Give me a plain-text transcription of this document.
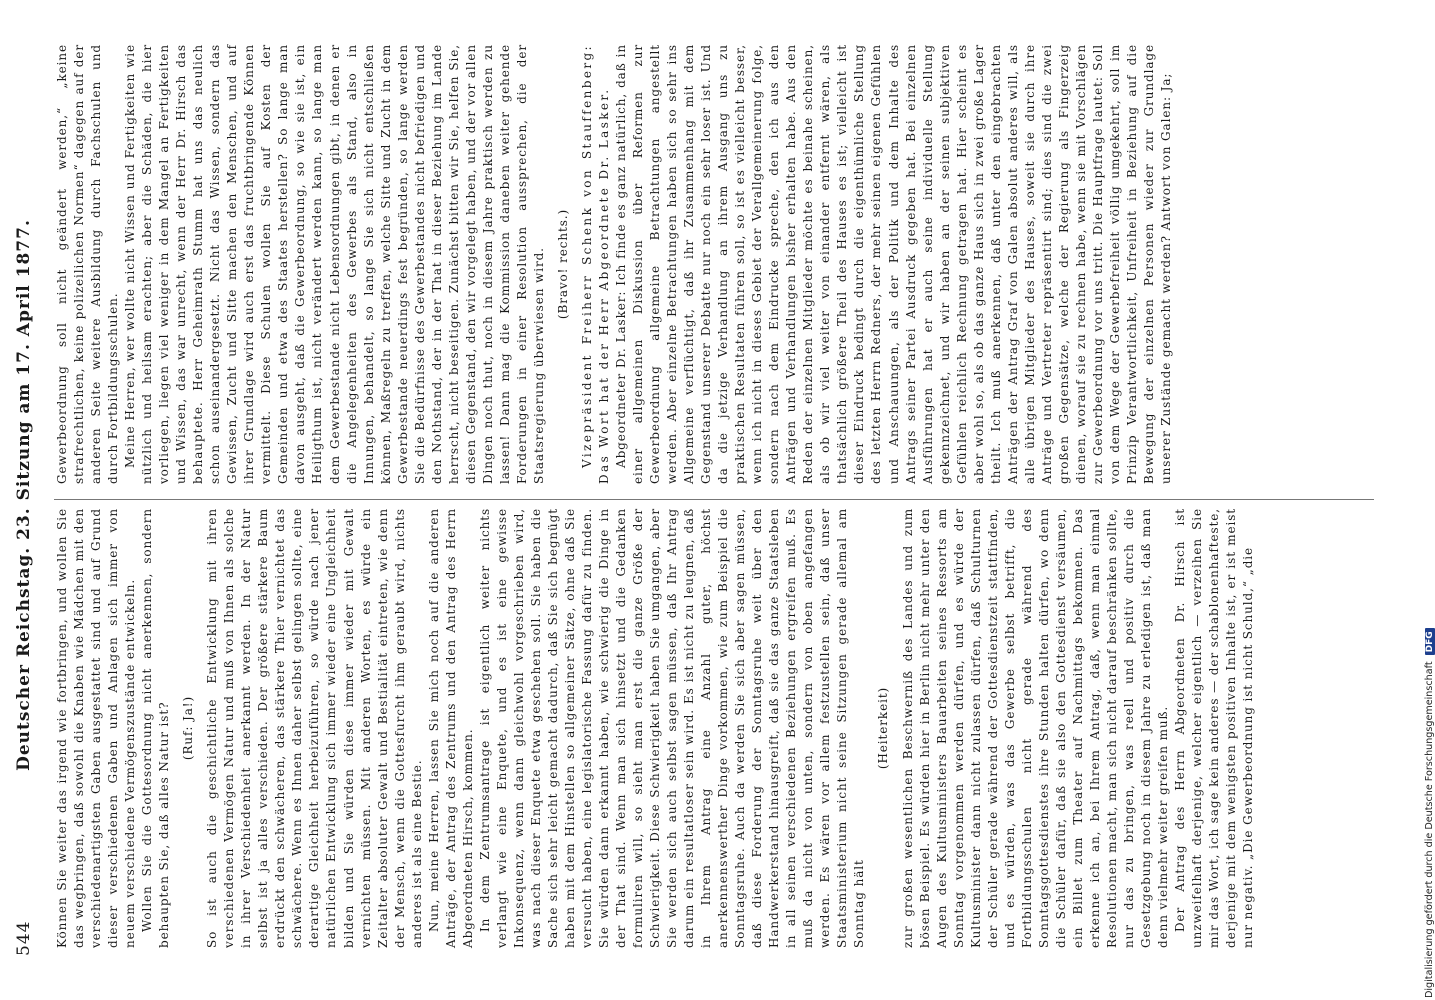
544
Deutscher Reichstag. 23. Sitzung am 17. April 1877. Können Sie weiter das irgend wie fortbringen, und wollen Sie das wegbringen, daß sowohl die Knaben wie Mädchen mit den verschiedenartigsten Gaben ausgestattet sind und auf Grund dieser verschiedenen Gaben und Anlagen sich immer von neuem verschiedene Vermögenszustände entwickeln. Wollen Sie die Gottesordnung nicht anerkennen, sondern behaupten Sie, daß alles Natur ist? (Ruf: Ja!) So ist auch die geschichtliche Entwicklung mit ihren verschiedenen Vermögen Natur und muß von Ihnen als solche in ihrer Verschiedenheit anerkannt werden. In der Natur selbst ist ja alles verschieden. Der größere stärkere Baum erdrückt den schwächeren, das stärkere Thier vernichtet das schwächere. Wenn es Ihnen daher selbst gelingen sollte, eine derartige Gleichheit herbeizuführen, so würde nach jener natürlichen Entwicklung sich immer wieder eine Ungleichheit bilden und Sie würden diese immer wieder mit Gewalt vernichten müssen. Mit anderen Worten, es würde ein Zeitalter absoluter Gewalt und Bestialität eintreten, wie denn der Mensch, wenn die Gottesfurcht ihm geraubt wird, nichts anderes ist als eine Bestie. Nun, meine Herren, lassen Sie mich noch auf die anderen Anträge, der Antrag des Zentrums und den Antrag des Herrn Abgeordneten Hirsch, kommen. In dem Zentrumsantrage ist eigentlich weiter nichts verlangt wie eine Enquete, und es ist eine gewisse Inkonsequenz, wenn dann gleichwohl vorgeschrieben wird, was nach dieser Enquete etwa geschehen soll. Sie haben die Sache sich sehr leicht gemacht dadurch, daß Sie sich begnügt haben mit dem Hinstellen so allgemeiner Sätze, ohne daß Sie versucht haben, eine legislatorische Fassung dafür zu finden. Sie würden dann erkannt haben, wie schwierig die Dinge in der That sind. Wenn man sich hinsetzt und die Gedanken formuliren will, so sieht man erst die ganze Größe der Schwierigkeit. Diese Schwierigkeit haben Sie umgangen, aber Sie werden sich auch selbst sagen müssen, daß Ihr Antrag darum ein resultatloser sein wird. Es ist nicht zu leugnen, daß in Ihrem Antrag eine Anzahl guter, höchst anerkennenswerther Dinge vorkommen, wie zum Beispiel die Sonntagsruhe. Auch da werden Sie sich aber sagen müssen, daß diese Forderung der Sonntagsruhe weit über den Handwerkerstand hinausgreift, daß sie das ganze Staatsleben in all seinen verschiedenen Beziehungen ergreifen muß. Es muß da nicht von unten, sondern von oben angefangen werden. Es wären vor allem festzustellen sein, daß unser Staatsministerium nicht seine Sitzungen gerade allemal am Sonntag hält

(Heiterkeit) zur großen wesentlichen Beschwerniß des Landes und zum bösen Beispiel. Es würden hier in Berlin nicht mehr unter den Augen des Kultusministers Bauarbeiten seines Ressorts am Sonntag vorgenommen werden dürfen, und es würde der Kultusminister dann nicht zulassen dürfen, daß Schulturnen der Schüler gerade während der Gottesdienstzeit stattfinden, und es würden, was das Gewerbe selbst betrifft, die Fortbildungsschulen nicht gerade während des Sonntagsgottesdienstes ihre Stunden halten dürfen, wo denn die Schüler dafür, daß sie also den Gottesdienst versäumen, ein Billet zum Theater auf Nachmittags bekommen. Das erkenne ich an, bei Ihrem Antrag, daß, wenn man einmal Resolutionen macht, man sich nicht darauf beschränken sollte, nur das zu bringen, was reell und positiv durch die Gesetzgebung noch in diesem Jahre zu erledigen ist, daß man denn vielmehr weiter greifen muß. Der Antrag des Herrn Abgeordneten Dr. Hirsch ist unzweifelhaft derjenige, welcher eigentlich — verzeihen Sie mir das Wort, ich sage kein anderes — der schablonenhafteste, derjenige mit dem wenigsten positiven Inhalte ist, er ist meist nur negativ. „Die Gewerbeordnung ist nicht Schuld,“ „die

Gewerbeordnung soll nicht geändert werden,“ „keine strafrechtlichen, keine polizeilichen Normen“ dagegen auf der anderen Seite weitere Ausbildung durch Fachschulen und durch Fortbildungsschulen. Meine Herren, wer wollte nicht Wissen und Fertigkeiten wie nützlich und heilsam erachten; aber die Schäden, die hier vorliegen, liegen viel weniger in dem Mangel an Fertigkeiten und Wissen, das war unrecht, wenn der Herr Dr. Hirsch das behauptete. Herr Geheimrath Stumm hat uns das neulich schon auseinandergesetzt. Nicht das Wissen, sondern das Gewissen, Zucht und Sitte machen den Menschen, und auf ihrer Grundlage wird auch erst das fruchtbringende Können vermittelt. Diese Schulen wollen Sie auf Kosten der Gemeinden und etwa des Staates herstellen? So lange man davon ausgeht, daß die Gewerbeordnung, so wie sie ist, ein Heiligthum ist, nicht verändert werden kann, so lange man dem Gewerbestande nicht Lebensordnungen gibt, in denen er die Angelegenheiten des Gewerbes als Stand, also in Innungen, behandelt, so lange Sie sich nicht entschließen können, Maßregeln zu treffen, welche Sitte und Zucht in dem Gewerbestande neuerdings fest begründen, so lange werden Sie die Bedürfnisse des Gewerbestandes nicht befriedigen und den Nothstand, der in der That in dieser Beziehung im Lande herrscht, nicht beseitigen. Zunächst bitten wir Sie, helfen Sie, diesen Gegenstand, den wir vorgelegt haben, und der vor allen Dingen noch thut, noch in diesem Jahre praktisch werden zu lassen! Dann mag die Kommission daneben weiter gehende Forderungen in einer Resolution aussprechen, die der Staatsregierung überwiesen wird. (Bravo! rechts.) Vizepräsident Freiherr Schenk von Stauffenberg: Das Wort hat der Herr Abgeordnete Dr. Lasker. Abgeordneter Dr. Lasker: Ich finde es ganz natürlich, daß in einer allgemeinen Diskussion über Reformen zur Gewerbeordnung allgemeine Betrachtungen angestellt werden. Aber einzelne Betrachtungen haben sich so sehr ins Allgemeine verflüchtigt, daß ihr Zusammenhang mit dem Gegenstand unserer Debatte nur noch ein sehr loser ist. Und da die jetzige Verhandlung an ihrem Ausgang uns zu praktischen Resultaten führen soll, so ist es vielleicht besser, wenn ich nicht in dieses Gebiet der Verallgemeinerung folge, sondern nach dem Eindrucke spreche, den ich aus den Anträgen und Verhandlungen bisher erhalten habe. Aus den Reden der einzelnen Mitglieder möchte es beinahe scheinen, als ob wir viel weiter von einander entfernt wären, als thatsächlich größere Theil des Hauses es ist; vielleicht ist dieser Eindruck bedingt durch die eigenthümliche Stellung des letzten Herrn Redners, der mehr seinen eigenen Gefühlen und Anschauungen, als der Politik und dem Inhalte des Antrags seiner Partei Ausdruck gegeben hat. Bei einzelnen Ausführungen hat er auch seine individuelle Stellung gekennzeichnet, und wir haben an der seinen subjektiven Gefühlen reichlich Rechnung getragen hat. Hier scheint es aber wohl so, als ob das ganze Haus sich in zwei große Lager theilt. Ich muß anerkennen, daß unter den eingebrachten Anträgen der Antrag Graf von Galen absolut anderes will, als alle übrigen Mitglieder des Hauses, soweit sie durch ihre Anträge und Vertreter repräsentirt sind; dies sind die zwei großen Gegensätze, welche der Regierung als Fingerzeig dienen, worauf sie zu rechnen habe, wenn sie mit Vorschlägen zur Gewerbeordnung vor uns tritt. Die Hauptfrage lautet: Soll von dem Wege der Gewerbefreiheit völlig umgekehrt, soll im Prinzip Verantwortlichkeit, Unfreiheit in Beziehung auf die Bewegung der einzelnen Personen wieder zur Grundlage unserer Zustände gemacht werden? Antwort von Galen: Ja;

Digitalisierung gefördert durch die Deutsche ForschungsgemeinschaftDFG
